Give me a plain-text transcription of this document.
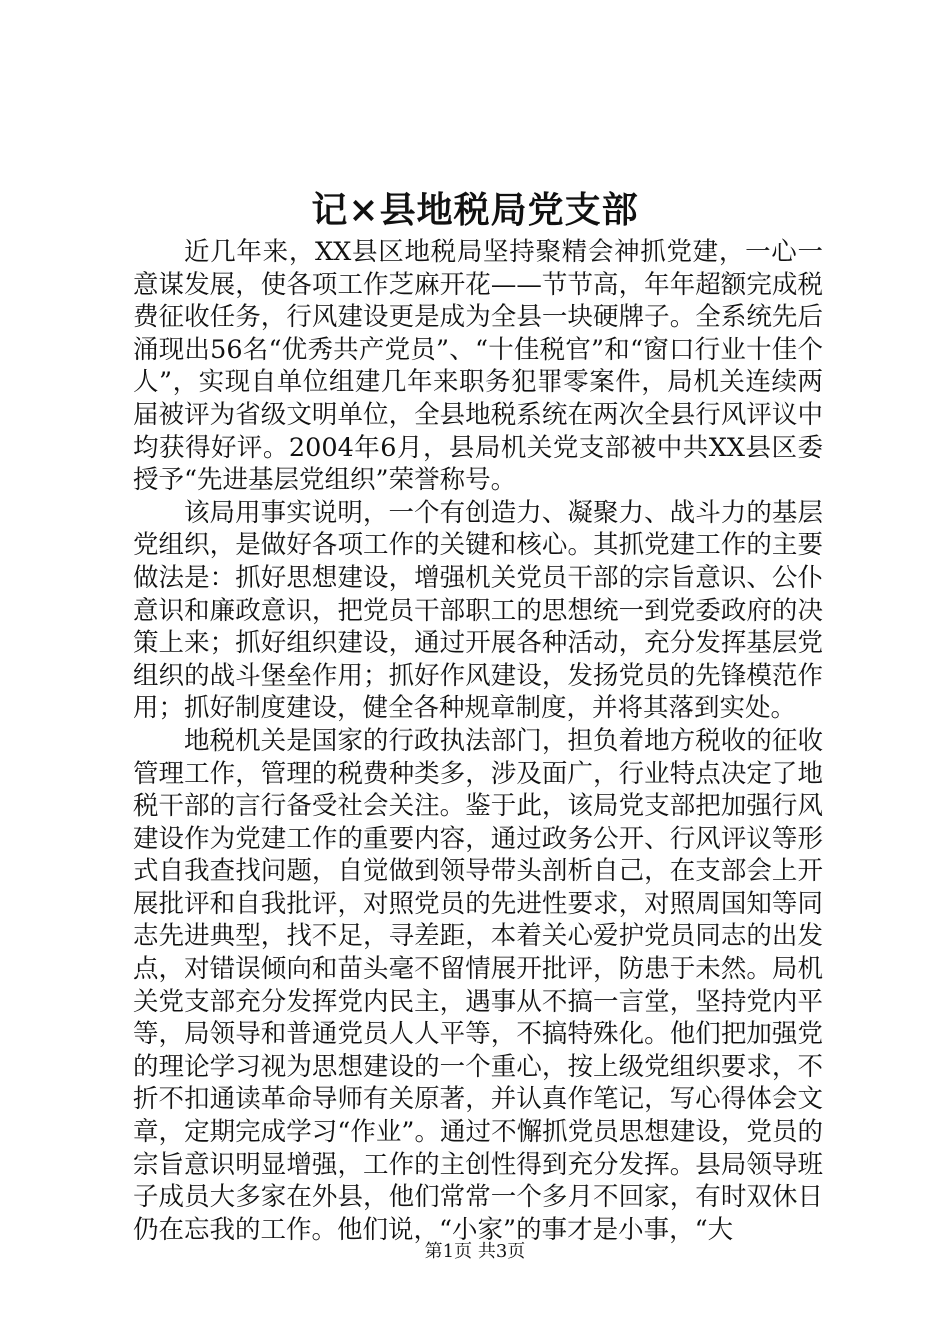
记×县地税局党支部

近几年来，XX县区地税局坚持聚精会神抓党建，一心一意谋发展，使各项工作芝麻开花——节节高，年年超额完成税费征收任务，行风建设更是成为全县一块硬牌子。全系统先后涌现出56名“优秀共产党员”、“十佳税官”和“窗口行业十佳个人”，实现自单位组建几年来职务犯罪零案件，局机关连续两届被评为省级文明单位，全县地税系统在两次全县行风评议中均获得好评。2004年6月，县局机关党支部被中共XX县区委授予“先进基层党组织”荣誉称号。

该局用事实说明，一个有创造力、凝聚力、战斗力的基层党组织，是做好各项工作的关键和核心。其抓党建工作的主要做法是：抓好思想建设，增强机关党员干部的宗旨意识、公仆意识和廉政意识，把党员干部职工的思想统一到党委政府的决策上来；抓好组织建设，通过开展各种活动，充分发挥基层党组织的战斗堡垒作用；抓好作风建设，发扬党员的先锋模范作用；抓好制度建设，健全各种规章制度，并将其落到实处。

地税机关是国家的行政执法部门，担负着地方税收的征收管理工作，管理的税费种类多，涉及面广，行业特点决定了地税干部的言行备受社会关注。鉴于此，该局党支部把加强行风建设作为党建工作的重要内容，通过政务公开、行风评议等形式自我查找问题，自觉做到领导带头剖析自己，在支部会上开展批评和自我批评，对照党员的先进性要求，对照周国知等同志先进典型，找不足，寻差距，本着关心爱护党员同志的出发点，对错误倾向和苗头毫不留情展开批评，防患于未然。局机关党支部充分发挥党内民主，遇事从不搞一言堂，坚持党内平等，局领导和普通党员人人平等，不搞特殊化。他们把加强党的理论学习视为思想建设的一个重心，按上级党组织要求，不折不扣通读革命导师有关原著，并认真作笔记，写心得体会文章，定期完成学习“作业”。通过不懈抓党员思想建设，党员的宗旨意识明显增强，工作的主创性得到充分发挥。县局领导班子成员大多家在外县，他们常常一个多月不回家，有时双休日仍在忘我的工作。他们说，“小家”的事才是小事，“大

第1页 共3页
